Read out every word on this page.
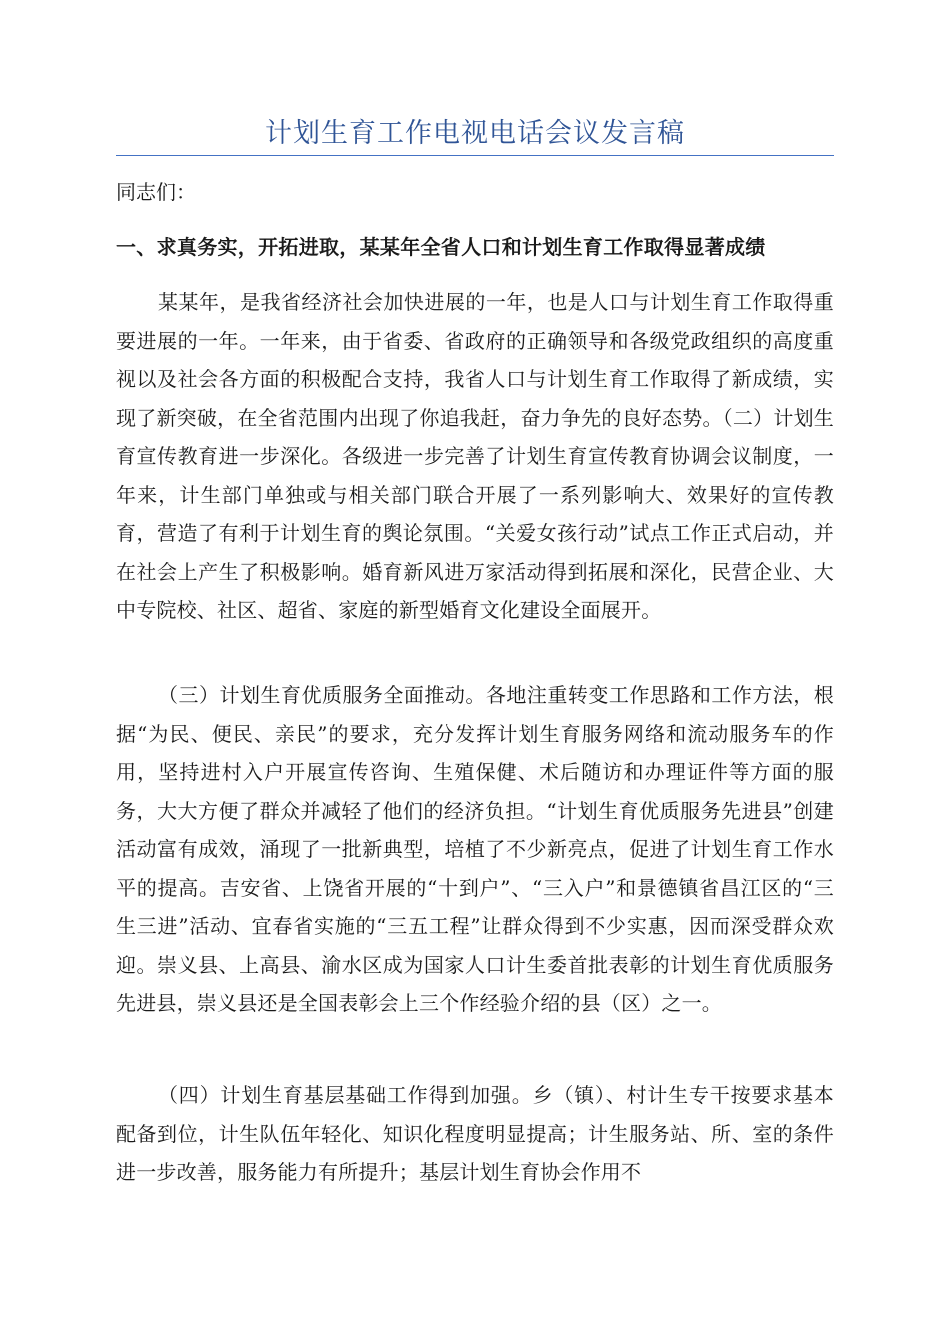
计划生育工作电视电话会议发言稿

同志们：

一、求真务实，开拓进取，某某年全省人口和计划生育工作取得显著成绩

某某年，是我省经济社会加快进展的一年，也是人口与计划生育工作取得重要进展的一年。一年来，由于省委、省政府的正确领导和各级党政组织的高度重视以及社会各方面的积极配合支持，我省人口与计划生育工作取得了新成绩，实现了新突破，在全省范围内出现了你追我赶，奋力争先的良好态势。（二）计划生育宣传教育进一步深化。各级进一步完善了计划生育宣传教育协调会议制度，一年来，计生部门单独或与相关部门联合开展了一系列影响大、效果好的宣传教育，营造了有利于计划生育的舆论氛围。“关爱女孩行动”试点工作正式启动，并在社会上产生了积极影响。婚育新风进万家活动得到拓展和深化，民营企业、大中专院校、社区、超省、家庭的新型婚育文化建设全面展开。

（三）计划生育优质服务全面推动。各地注重转变工作思路和工作方法，根据“为民、便民、亲民”的要求，充分发挥计划生育服务网络和流动服务车的作用，坚持进村入户开展宣传咨询、生殖保健、术后随访和办理证件等方面的服务，大大方便了群众并减轻了他们的经济负担。“计划生育优质服务先进县”创建活动富有成效，涌现了一批新典型，培植了不少新亮点，促进了计划生育工作水平的提高。吉安省、上饶省开展的“十到户”、“三入户”和景德镇省昌江区的“三生三进”活动、宜春省实施的“三五工程”让群众得到不少实惠，因而深受群众欢迎。崇义县、上高县、渝水区成为国家人口计生委首批表彰的计划生育优质服务先进县，崇义县还是全国表彰会上三个作经验介绍的县（区）之一。

（四）计划生育基层基础工作得到加强。乡（镇）、村计生专干按要求基本配备到位，计生队伍年轻化、知识化程度明显提高；计生服务站、所、室的条件进一步改善，服务能力有所提升；基层计划生育协会作用不
